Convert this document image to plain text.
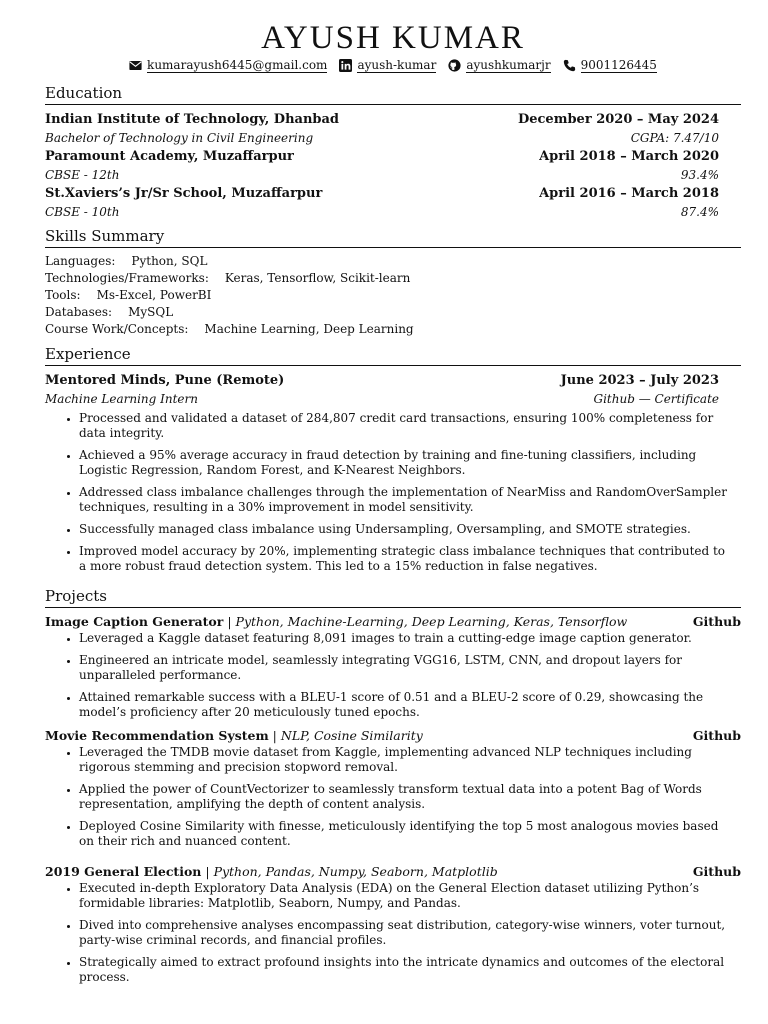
AYUSH KUMAR
kumarayush6445@gmail.com	ayush-kumar	ayushkumarjr	9001126445
Education
Indian Institute of Technology, Dhanbad	December 2020 – May 2024
Bachelor of Technology in Civil Engineering	CGPA: 7.47/10
Paramount Academy, Muzaffarpur	April 2018 – March 2020
CBSE - 12th	93.4%
St.Xaviers’s Jr/Sr School, Muzaffarpur	April 2016 – March 2018
CBSE - 10th	87.4%
Skills Summary
Languages: Python, SQL
Technologies/Frameworks: Keras, Tensorflow, Scikit-learn
Tools: Ms-Excel, PowerBI
Databases: MySQL
Course Work/Concepts: Machine Learning, Deep Learning
Experience
Mentored Minds, Pune (Remote)	June 2023 – July 2023
Machine Learning Intern	Github — Certificate
• Processed and validated a dataset of 284,807 credit card transactions, ensuring 100% completeness for data integrity.
• Achieved a 95% average accuracy in fraud detection by training and fine-tuning classifiers, including Logistic Regression, Random Forest, and K-Nearest Neighbors.
• Addressed class imbalance challenges through the implementation of NearMiss and RandomOverSampler techniques, resulting in a 30% improvement in model sensitivity.
• Successfully managed class imbalance using Undersampling, Oversampling, and SMOTE strategies.
• Improved model accuracy by 20%, implementing strategic class imbalance techniques that contributed to a more robust fraud detection system. This led to a 15% reduction in false negatives.
Projects
Image Caption Generator | Python, Machine-Learning, Deep Learning, Keras, Tensorflow	Github
• Leveraged a Kaggle dataset featuring 8,091 images to train a cutting-edge image caption generator.
• Engineered an intricate model, seamlessly integrating VGG16, LSTM, CNN, and dropout layers for unparalleled performance.
• Attained remarkable success with a BLEU-1 score of 0.51 and a BLEU-2 score of 0.29, showcasing the model’s proficiency after 20 meticulously tuned epochs.
Movie Recommendation System | NLP, Cosine Similarity	Github
• Leveraged the TMDB movie dataset from Kaggle, implementing advanced NLP techniques including rigorous stemming and precision stopword removal.
• Applied the power of CountVectorizer to seamlessly transform textual data into a potent Bag of Words representation, amplifying the depth of content analysis.
• Deployed Cosine Similarity with finesse, meticulously identifying the top 5 most analogous movies based on their rich and nuanced content.
2019 General Election | Python, Pandas, Numpy, Seaborn, Matplotlib	Github
• Executed in-depth Exploratory Data Analysis (EDA) on the General Election dataset utilizing Python’s formidable libraries: Matplotlib, Seaborn, Numpy, and Pandas.
• Dived into comprehensive analyses encompassing seat distribution, category-wise winners, voter turnout, party-wise criminal records, and financial profiles.
• Strategically aimed to extract profound insights into the intricate dynamics and outcomes of the electoral process.
